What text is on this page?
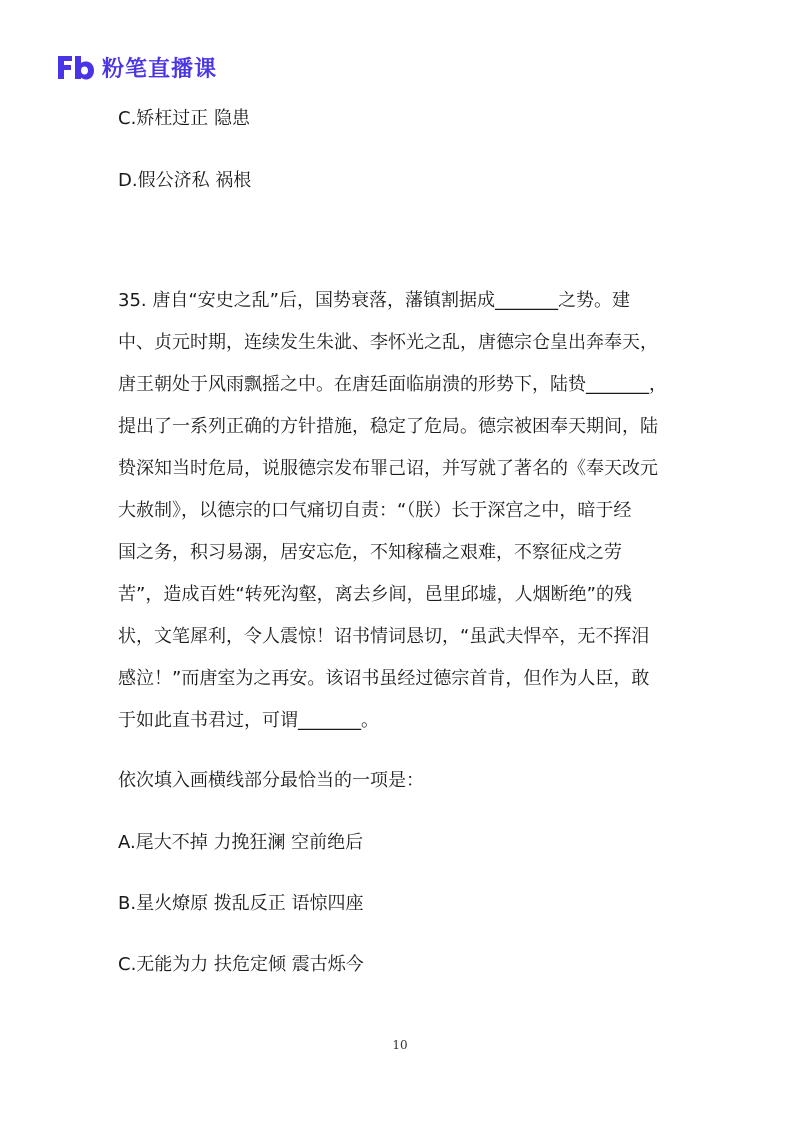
粉笔直播课
C.矫枉过正 隐患
D.假公济私 祸根
35. 唐自“安史之乱”后，国势衰落，藩镇割据成_______之势。建
中、贞元时期，连续发生朱泚、李怀光之乱，唐德宗仓皇出奔奉天，
唐王朝处于风雨飘摇之中。在唐廷面临崩溃的形势下，陆贽_______，
提出了一系列正确的方针措施，稳定了危局。德宗被困奉天期间，陆
贽深知当时危局，说服德宗发布罪己诏，并写就了著名的《奉天改元
大赦制》，以德宗的口气痛切自责：“（朕）长于深宫之中，暗于经
国之务，积习易溺，居安忘危，不知稼穑之艰难，不察征戍之劳
苦”，造成百姓“转死沟壑，离去乡闾，邑里邱墟，人烟断绝”的残
状，文笔犀利，令人震惊！诏书情词恳切，“虽武夫悍卒，无不挥泪
感泣！”而唐室为之再安。该诏书虽经过德宗首肯，但作为人臣，敢
于如此直书君过，可谓_______。
依次填入画横线部分最恰当的一项是：
A.尾大不掉 力挽狂澜 空前绝后
B.星火燎原 拨乱反正 语惊四座
C.无能为力 扶危定倾 震古烁今
10
